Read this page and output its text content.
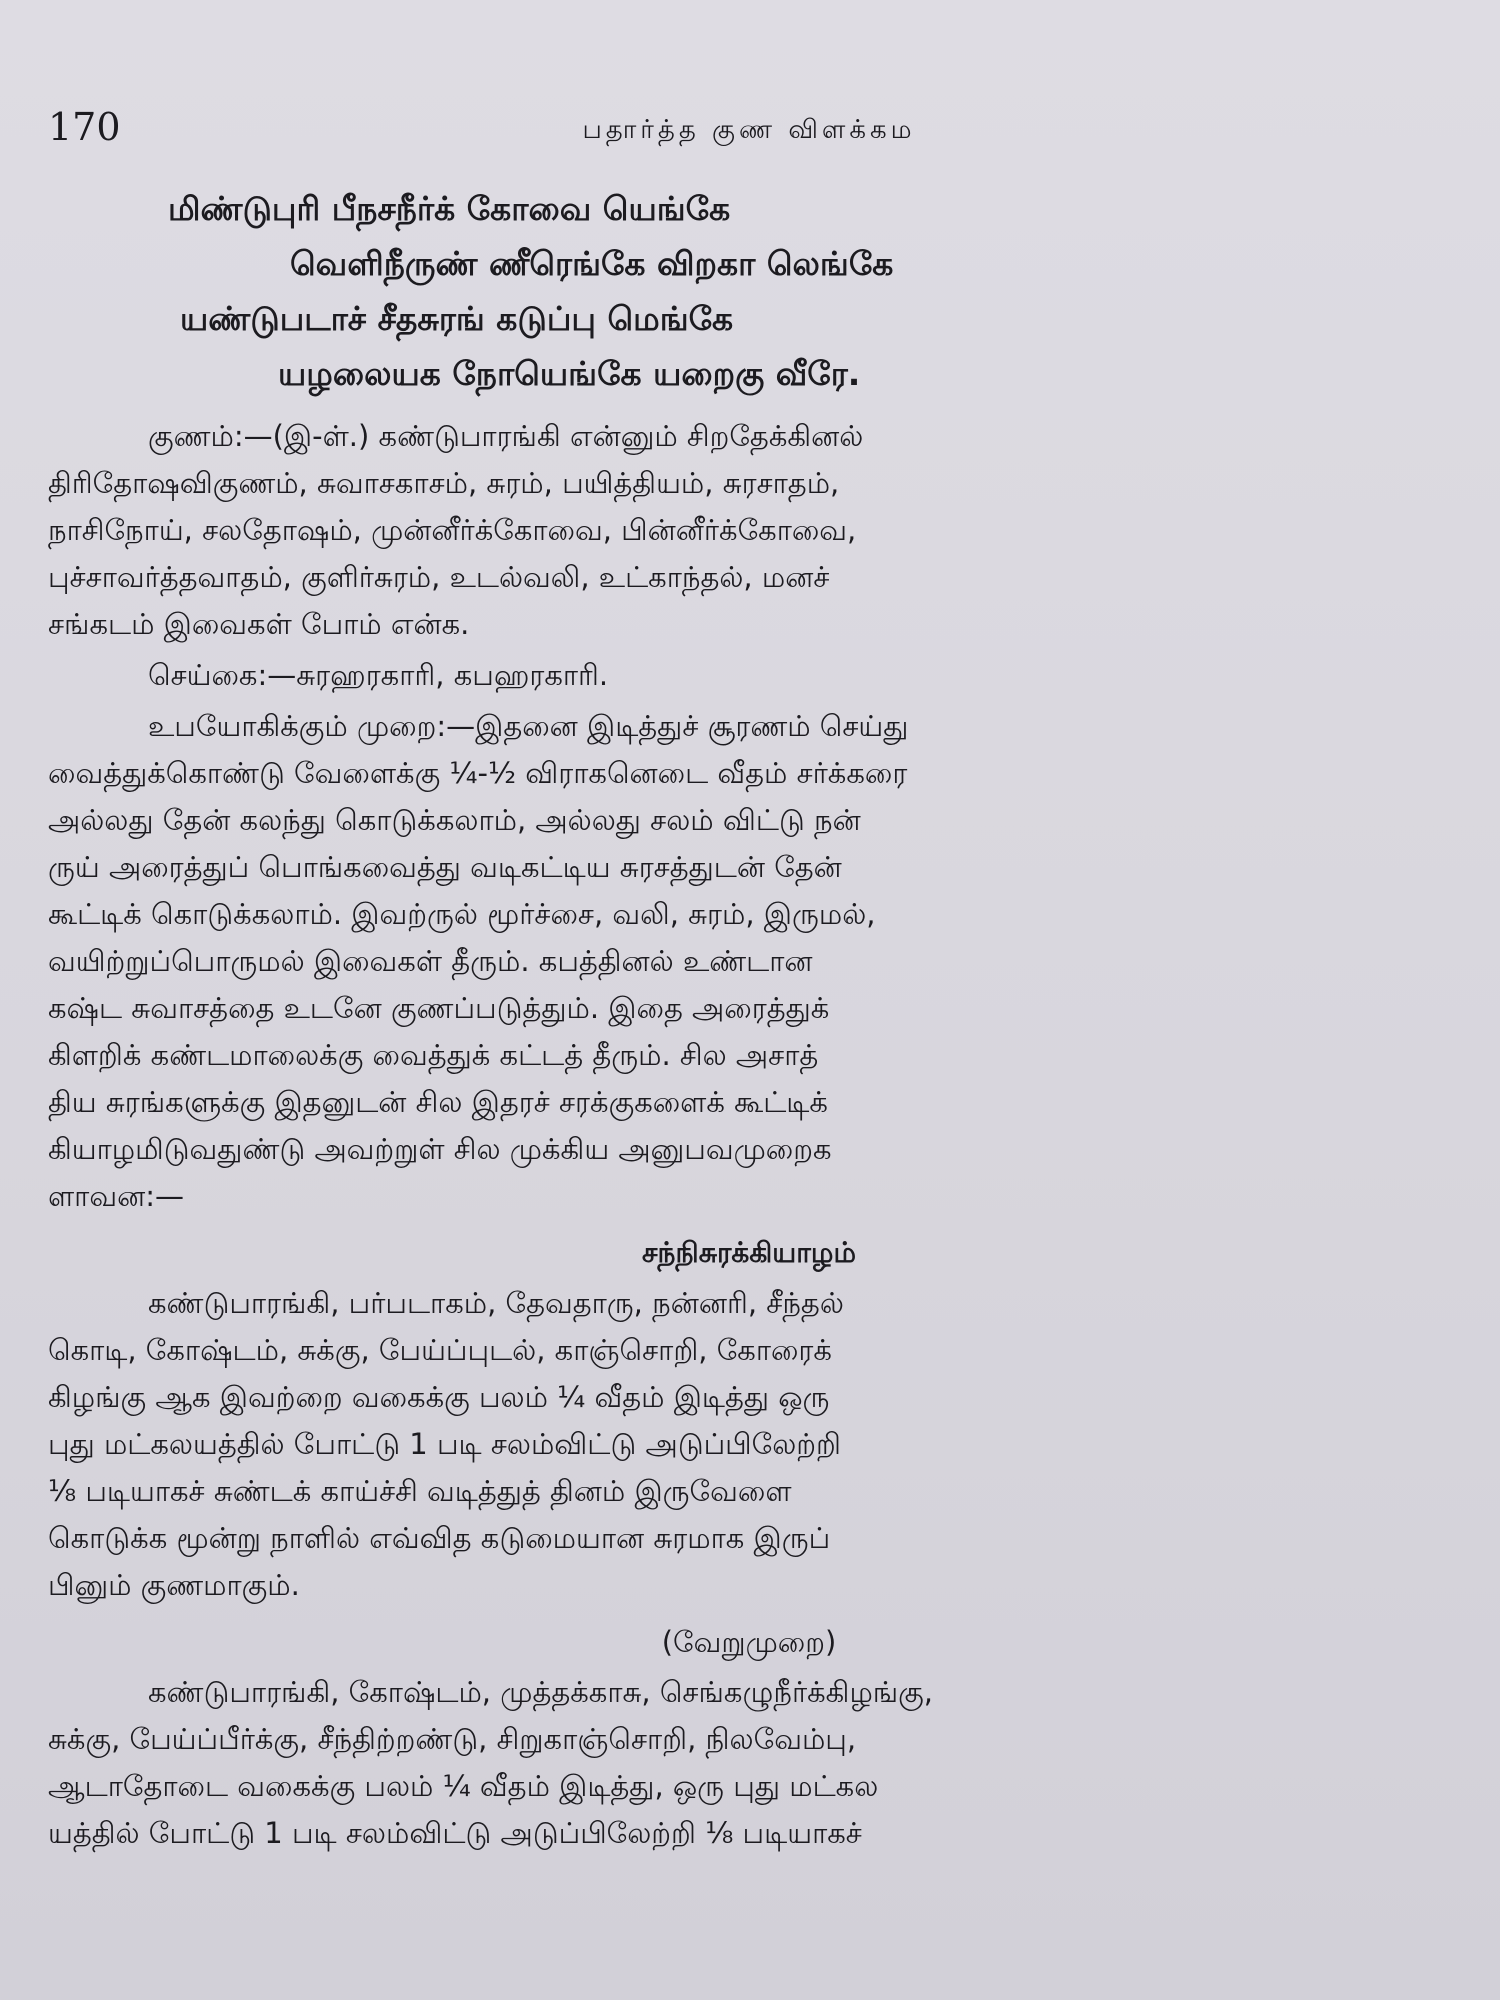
170	பதார்த்த குண விளக்கம
மிண்டுபுரி பீநசநீர்க் கோவை யெங்கே
வெளிநீருண் ணீரெங்கே விறகா லெங்கே
யண்டுபடாச் சீதசுரங் கடுப்பு மெங்கே
யழலையக நோயெங்கே யறைகு வீரே.
குணம்:—(இ-ள்.) கண்டுபாரங்கி என்னும் சிறதேக்கினல்
திரிதோஷவிகுணம், சுவாசகாசம், சுரம், பயித்தியம், சுரசாதம்,
நாசிநோய், சலதோஷம், முன்னீர்க்கோவை, பின்னீர்க்கோவை,
புச்சாவர்த்தவாதம், குளிர்சுரம், உடல்வலி, உட்காந்தல், மனச்
சங்கடம் இவைகள் போம் என்க.
செய்கை:—சுரஹரகாரி, கபஹரகாரி.
உபயோகிக்கும் முறை:—இதனை இடித்துச் சூரணம் செய்து
வைத்துக்கொண்டு வேளைக்கு ¼-½ விராகனெடை வீதம் சர்க்கரை
அல்லது தேன் கலந்து கொடுக்கலாம், அல்லது சலம் விட்டு நன்
ருய் அரைத்துப் பொங்கவைத்து வடிகட்டிய சுரசத்துடன் தேன்
கூட்டிக் கொடுக்கலாம். இவற்ருல் மூர்ச்சை, வலி, சுரம், இருமல்,
வயிற்றுப்பொருமல் இவைகள் தீரும். கபத்தினல் உண்டான
கஷ்ட சுவாசத்தை உடனே குணப்படுத்தும். இதை அரைத்துக்
கிளறிக் கண்டமாலைக்கு வைத்துக் கட்டத் தீரும். சில அசாத்
திய சுரங்களுக்கு இதனுடன் சில இதரச் சரக்குகளைக் கூட்டிக்
கியாழமிடுவதுண்டு அவற்றுள் சில முக்கிய அனுபவமுறைக
ளாவன:—
சந்நிசுரக்கியாழம்
கண்டுபாரங்கி, பர்படாகம், தேவதாரு, நன்னரி, சீந்தல்
கொடி, கோஷ்டம், சுக்கு, பேய்ப்புடல், காஞ்சொறி, கோரைக்
கிழங்கு ஆக இவற்றை வகைக்கு பலம் ¼ வீதம் இடித்து ஒரு
புது மட்கலயத்தில் போட்டு 1 படி சலம்விட்டு அடுப்பிலேற்றி
⅛ படியாகச் சுண்டக் காய்ச்சி வடித்துத் தினம் இருவேளை
கொடுக்க மூன்று நாளில் எவ்வித கடுமையான சுரமாக இருப்
பினும் குணமாகும்.
(வேறுமுறை)
கண்டுபாரங்கி, கோஷ்டம், முத்தக்காசு, செங்கழுநீர்க்கிழங்கு,
சுக்கு, பேய்ப்பீர்க்கு, சீந்திற்றண்டு, சிறுகாஞ்சொறி, நிலவேம்பு,
ஆடாதோடை வகைக்கு பலம் ¼ வீதம் இடித்து, ஒரு புது மட்கல
யத்தில் போட்டு 1 படி சலம்விட்டு அடுப்பிலேற்றி ⅛ படியாகச்
